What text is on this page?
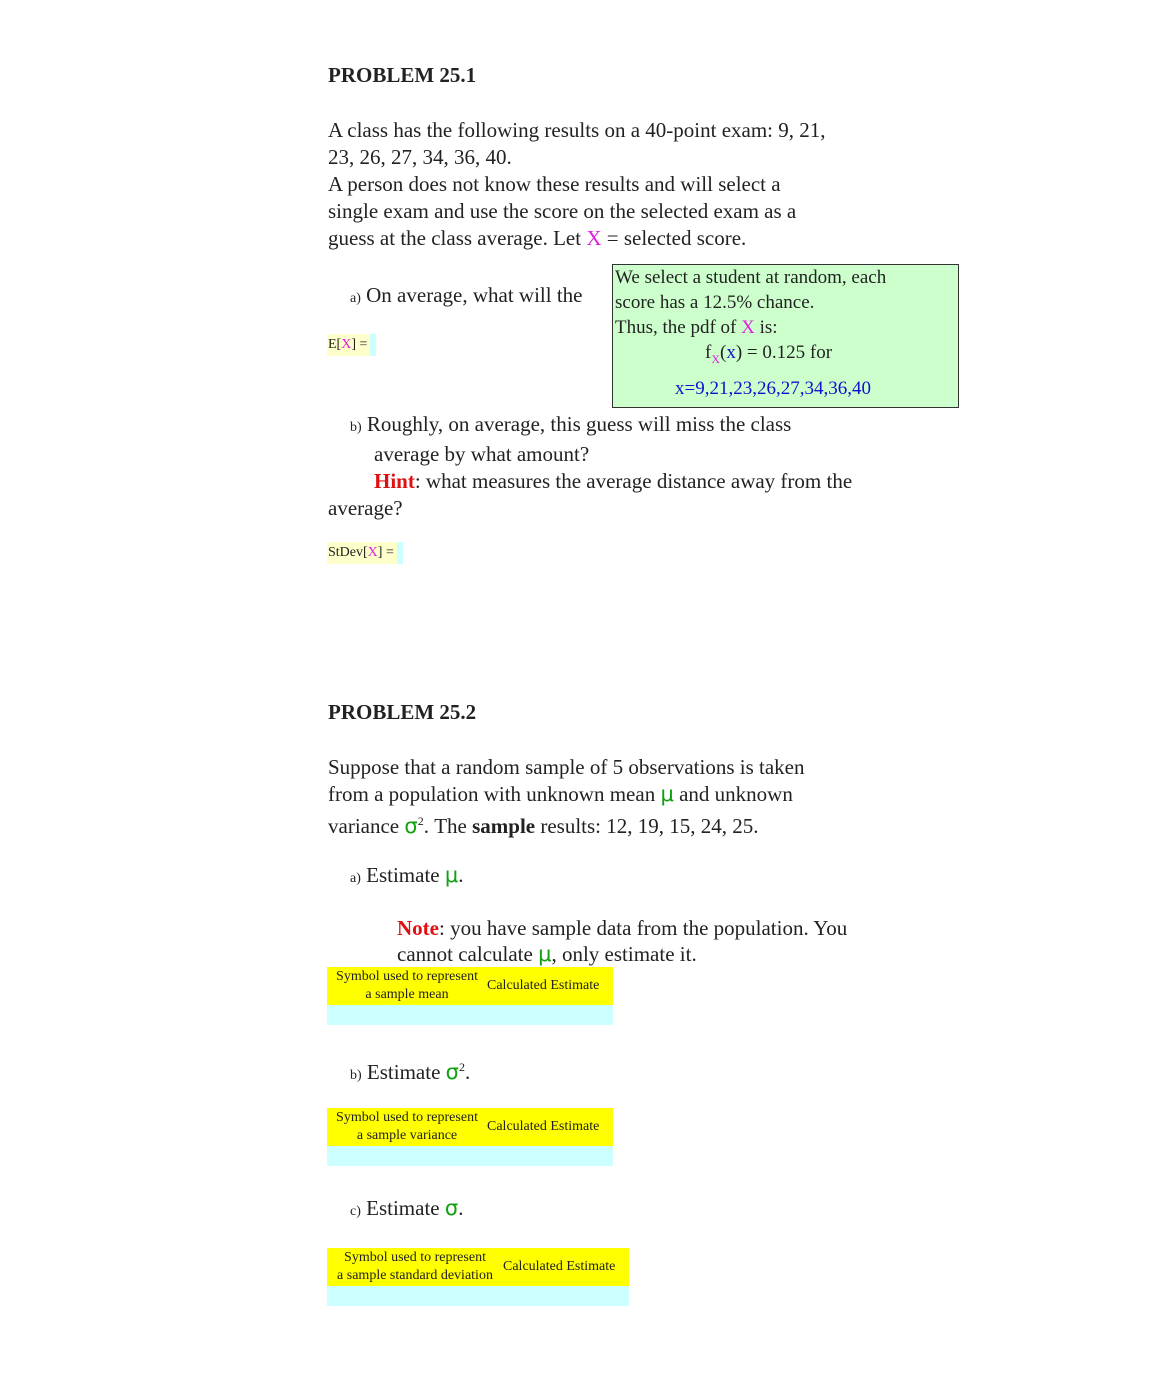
PROBLEM 25.1
A class has the following results on a 40-point exam: 9, 21,
23, 26, 27, 34, 36, 40.
A person does not know these results and will select a
single exam and use the score on the selected exam as a
guess at the class average. Let X = selected score.
a) On average, what will the
E[X] =
We select a student at random, each
score has a 12.5% chance.
Thus, the pdf of X is:
$f_X(x) = 0.125$ for
x=9,21,23,26,27,34,36,40
b) Roughly, on average, this guess will miss the class
average by what amount?
Hint: what measures the average distance away from the
average?
StDev[X] =
PROBLEM 25.2
Suppose that a random sample of 5 observations is taken
from a population with unknown mean μ and unknown
variance $\sigma^2$. The sample results: 12, 19, 15, 24, 25.
a) Estimate μ.
Note: you have sample data from the population. You
cannot calculate μ, only estimate it.
Symbol used to represent
a sample mean
Calculated Estimate
b) Estimate $\sigma^2$.
Symbol used to represent
a sample variance
Calculated Estimate
c) Estimate σ.
Symbol used to represent
a sample standard deviation
Calculated Estimate
